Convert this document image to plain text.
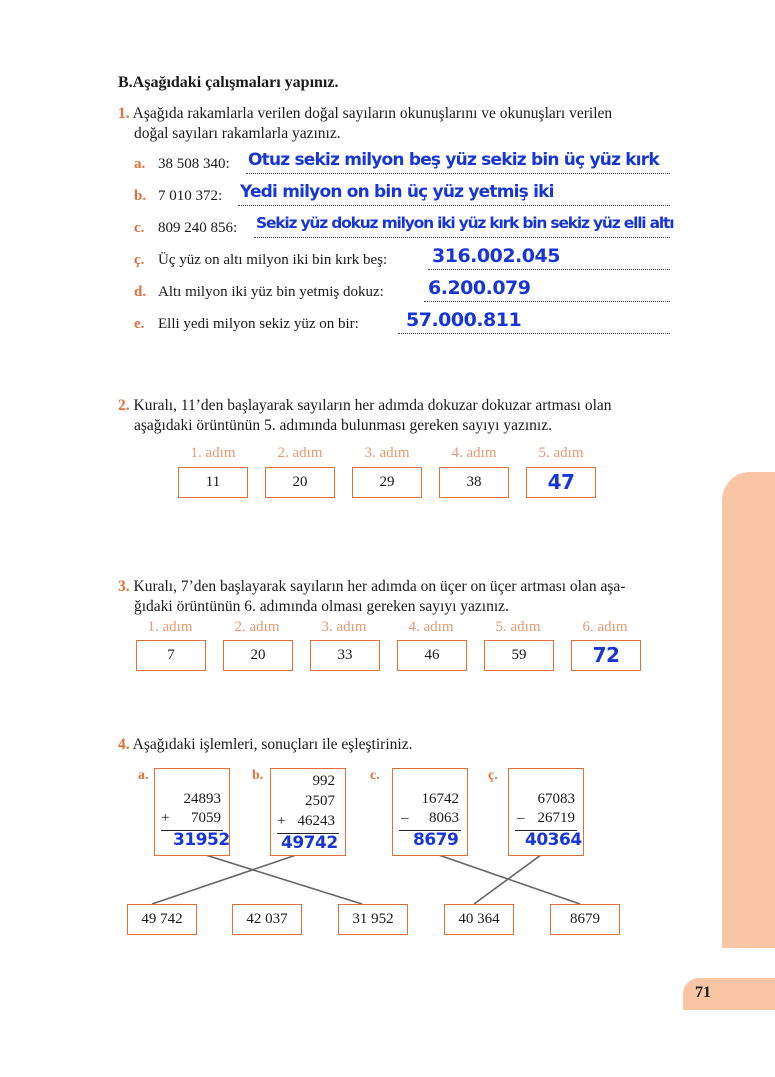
71
B.Aşağıdaki çalışmaları yapınız.
1. Aşağıda rakamlarla verilen doğal sayıların okunuşlarını ve okunuşları verilen
doğal sayıları rakamlarla yazınız.
a. 38 508 340: Otuz sekiz milyon beş yüz sekiz bin üç yüz kırk
b. 7 010 372: Yedi milyon on bin üç yüz yetmiş iki
c. 809 240 856: Sekiz yüz dokuz milyon iki yüz kırk bin sekiz yüz elli altı
ç. Üç yüz on altı milyon iki bin kırk beş: 316.002.045
d. Altı milyon iki yüz bin yetmiş dokuz: 6.200.079
e. Elli yedi milyon sekiz yüz on bir: 57.000.811
2. Kuralı, 11’den başlayarak sayıların her adımda dokuzar dokuzar artması olan
aşağıdaki örüntünün 5. adımında bulunması gereken sayıyı yazınız.
1. adım	2. adım	3. adım	4. adım	5. adım
11	20	29	38	47
3. Kuralı, 7’den başlayarak sayıların her adımda on üçer on üçer artması olan aşa-
ğıdaki örüntünün 6. adımında olması gereken sayıyı yazınız.
1. adım	2. adım	3. adım	4. adım	5. adım	6. adım
7	20	33	46	59	72
4. Aşağıdaki işlemleri, sonuçları ile eşleştiriniz.
a.
24893
+ 7059
31952
b.	992
2507
+ 46243
49742
c.
16742
– 8063
8679
ç.
67083
– 26719
40364
49 742	42 037	31 952	40 364	8679
